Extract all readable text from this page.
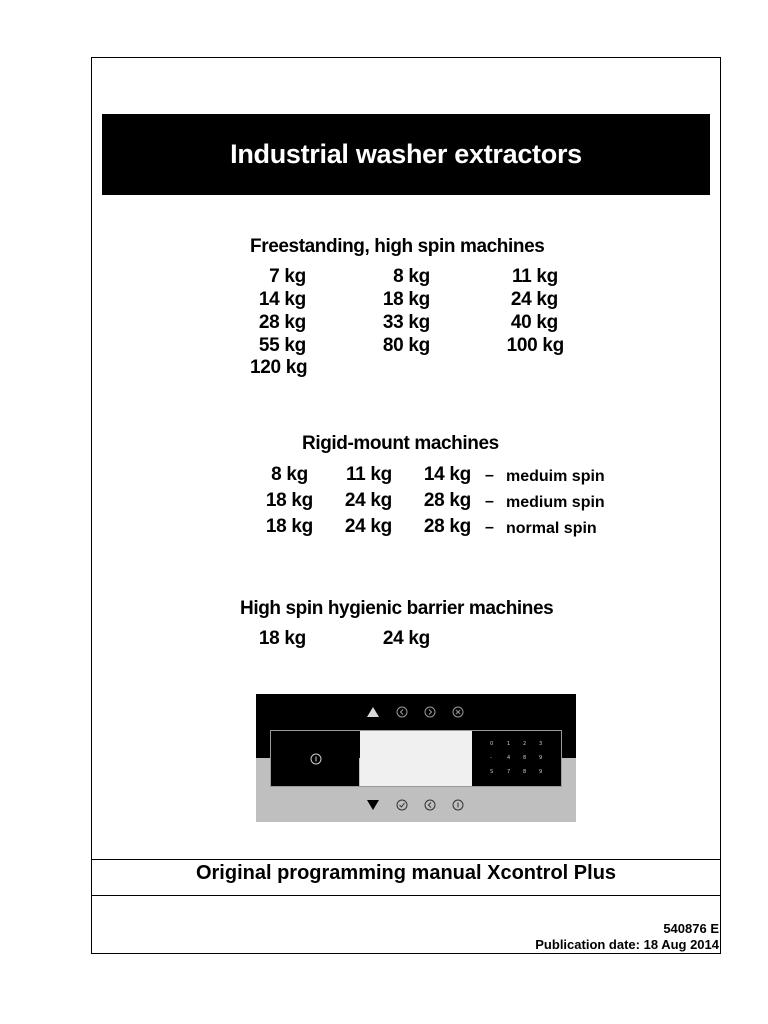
Industrial washer extractors
Freestanding, high spin machines
7 kg	8 kg	11 kg
14 kg	18 kg	24 kg
28 kg	33 kg	40 kg
55 kg	80 kg	100 kg
120 kg
Rigid-mount machines
8 kg	11 kg	14 kg – meduim spin
18 kg	24 kg	28 kg – medium spin
18 kg	24 kg	28 kg – normal spin
High spin hygienic barrier machines
18 kg	24 kg
0	1	2	3
-	4	8	9
S	7	8	9
Original programming manual Xcontrol Plus
540876 E
Publication date: 18 Aug 2014
